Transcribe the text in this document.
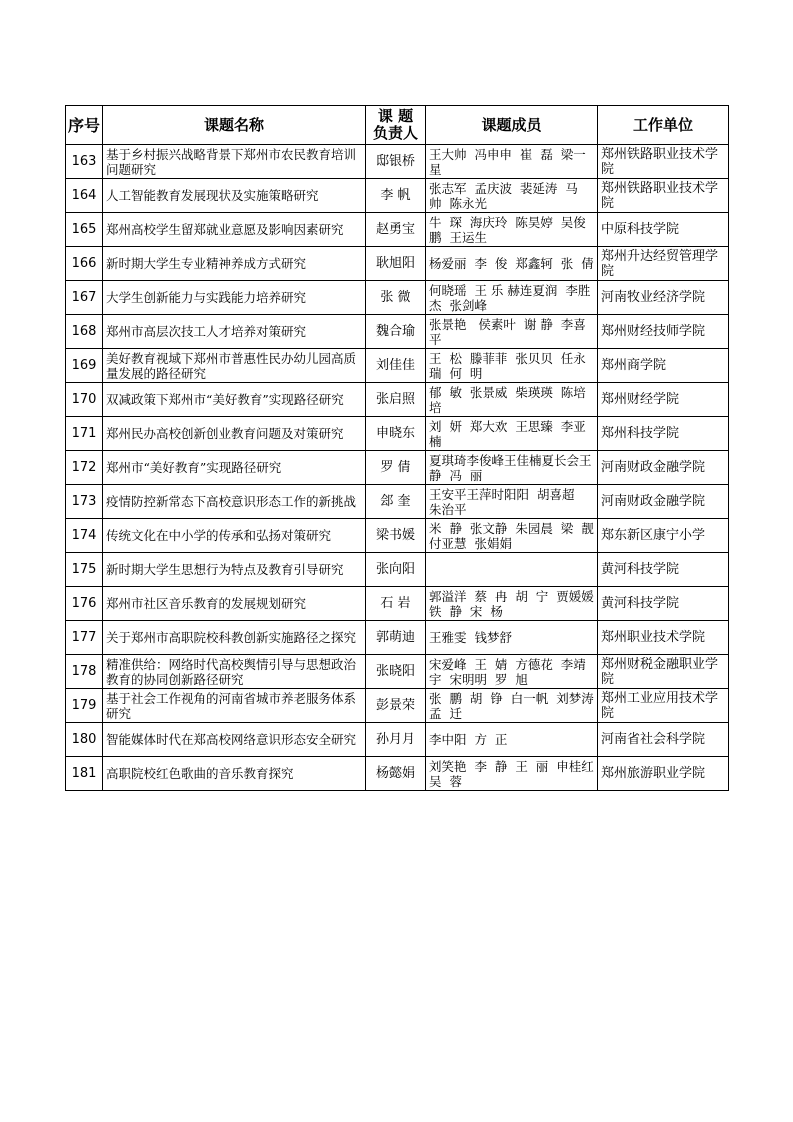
序号	课题名称	课 题 负责人	课题成员	工作单位
163	基于乡村振兴战略背景下郑州市农民教育培训问题研究	邸银桥	王大帅  冯申申  崔  磊  梁一星	郑州铁路职业技术学院
164	人工智能教育发展现状及实施策略研究	李 帆	张志军  孟庆波  裴延涛  马  帅  陈永光	郑州铁路职业技术学院
165	郑州高校学生留郑就业意愿及影响因素研究	赵勇宝	牛  琛  海庆玲  陈昊婷  吴俊鹏  王运生	中原科技学院
166	新时期大学生专业精神养成方式研究	耿旭阳	杨爱丽  李  俊  郑鑫轲  张  倩	郑州升达经贸管理学院
167	大学生创新能力与实践能力培养研究	张 微	何晓瑶  王 乐 赫连夏润  李胜杰  张剑峰	河南牧业经济学院
168	郑州市高层次技工人才培养对策研究	魏合瑜	张景艳   侯素叶  谢 静  李喜平	郑州财经技师学院
169	美好教育视域下郑州市普惠性民办幼儿园高质量发展的路径研究	刘佳佳	王  松  滕菲菲  张贝贝  任永瑞  何  明	郑州商学院
170	双减政策下郑州市“美好教育”实现路径研究	张启照	郁  敏  张景威  柴瑛瑛  陈培培	郑州财经学院
171	郑州民办高校创新创业教育问题及对策研究	申晓东	刘  妍  郑大欢  王思臻  李亚楠	郑州科技学院
172	郑州市“美好教育”实现路径研究	罗 倩	夏琪琦李俊峰王佳楠夏长会王静  冯  丽	河南财政金融学院
173	疫情防控新常态下高校意识形态工作的新挑战	郐 奎	王安平王萍时阳阳  胡喜超  朱治平	河南财政金融学院
174	传统文化在中小学的传承和弘扬对策研究	梁书媛	米  静  张文静  朱园晨  梁  靓  付亚慧  张娟娟	郑东新区康宁小学
175	新时期大学生思想行为特点及教育引导研究	张向阳		黄河科技学院
176	郑州市社区音乐教育的发展规划研究	石 岩	郭溢洋  蔡  冉  胡  宁  贾媛媛  铁  静  宋  杨	黄河科技学院
177	关于郑州市高职院校科教创新实施路径之探究	郭萌迪	王雅雯  钱梦舒	郑州职业技术学院
178	精准供给：网络时代高校舆情引导与思想政治教育的协同创新路径研究	张晓阳	宋爱峰  王  婧  方德花  李靖宇  宋明明  罗  旭	郑州财税金融职业学院
179	基于社会工作视角的河南省城市养老服务体系研究	彭景荣	张  鹏  胡  铮  白一帆  刘梦涛  孟  迁	郑州工业应用技术学院
180	智能媒体时代在郑高校网络意识形态安全研究	孙月月	李中阳  方  正	河南省社会科学院
181	高职院校红色歌曲的音乐教育探究	杨懿娟	刘笑艳  李  静  王  丽  申桂红  吴  蓉	郑州旅游职业学院
